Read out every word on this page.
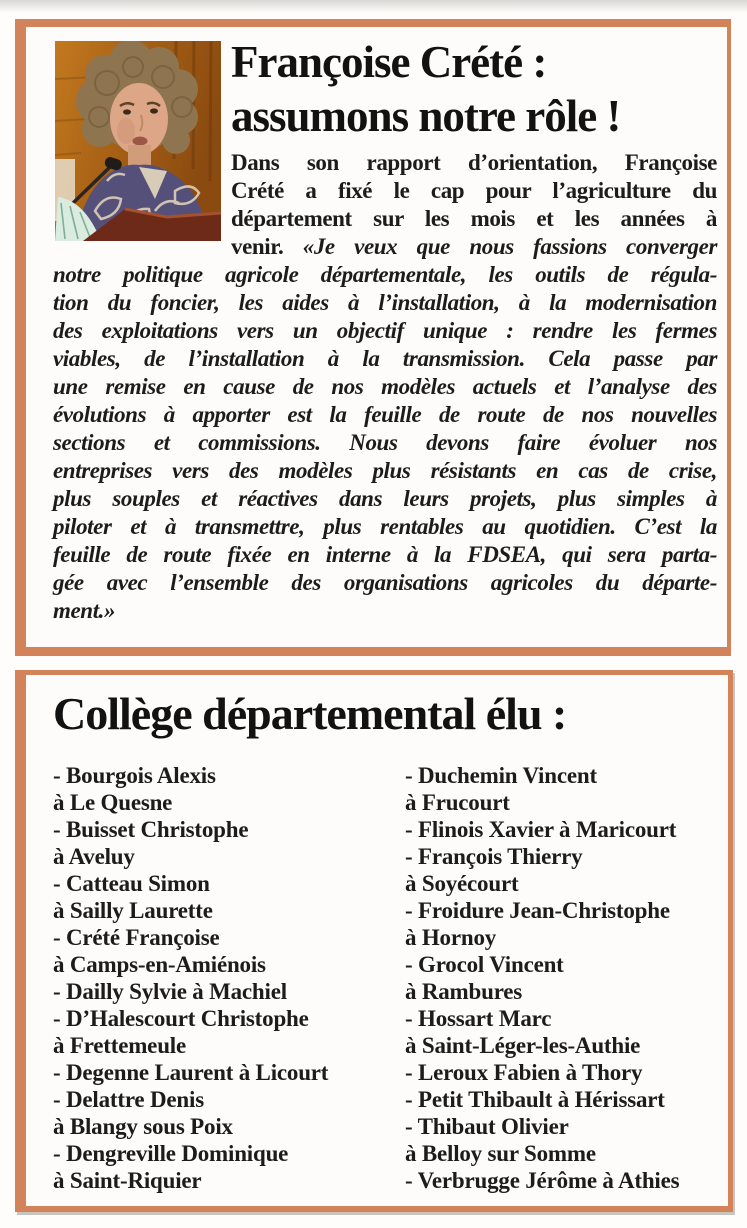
Françoise Crété :
assumons notre rôle !
Dans son rapport d’orientation, Françoise
Crété a fixé le cap pour l’agriculture du
département sur les mois et les années à
venir. «Je veux que nous fassions converger
notre politique agricole départementale, les outils de régula-
tion du foncier, les aides à l’installation, à la modernisation
des exploitations vers un objectif unique : rendre les fermes
viables, de l’installation à la transmission. Cela passe par
une remise en cause de nos modèles actuels et l’analyse des
évolutions à apporter est la feuille de route de nos nouvelles
sections et commissions. Nous devons faire évoluer nos
entreprises vers des modèles plus résistants en cas de crise,
plus souples et réactives dans leurs projets, plus simples à
piloter et à transmettre, plus rentables au quotidien. C’est la
feuille de route fixée en interne à la FDSEA, qui sera parta-
gée avec l’ensemble des organisations agricoles du départe-
ment.»
Collège départemental élu :
- Bourgois Alexis
à Le Quesne
- Buisset Christophe
à Aveluy
- Catteau Simon
à Sailly Laurette
- Crété Françoise
à Camps-en-Amiénois
- Dailly Sylvie à Machiel
- D’Halescourt Christophe
à Frettemeule
- Degenne Laurent à Licourt
- Delattre Denis
à Blangy sous Poix
- Dengreville Dominique
à Saint-Riquier
- Duchemin Vincent
à Frucourt
- Flinois Xavier à Maricourt
- François Thierry
à Soyécourt
- Froidure Jean-Christophe
à Hornoy
- Grocol Vincent
à Rambures
- Hossart Marc
à Saint-Léger-les-Authie
- Leroux Fabien à Thory
- Petit Thibault à Hérissart
- Thibaut Olivier
à Belloy sur Somme
- Verbrugge Jérôme à Athies
